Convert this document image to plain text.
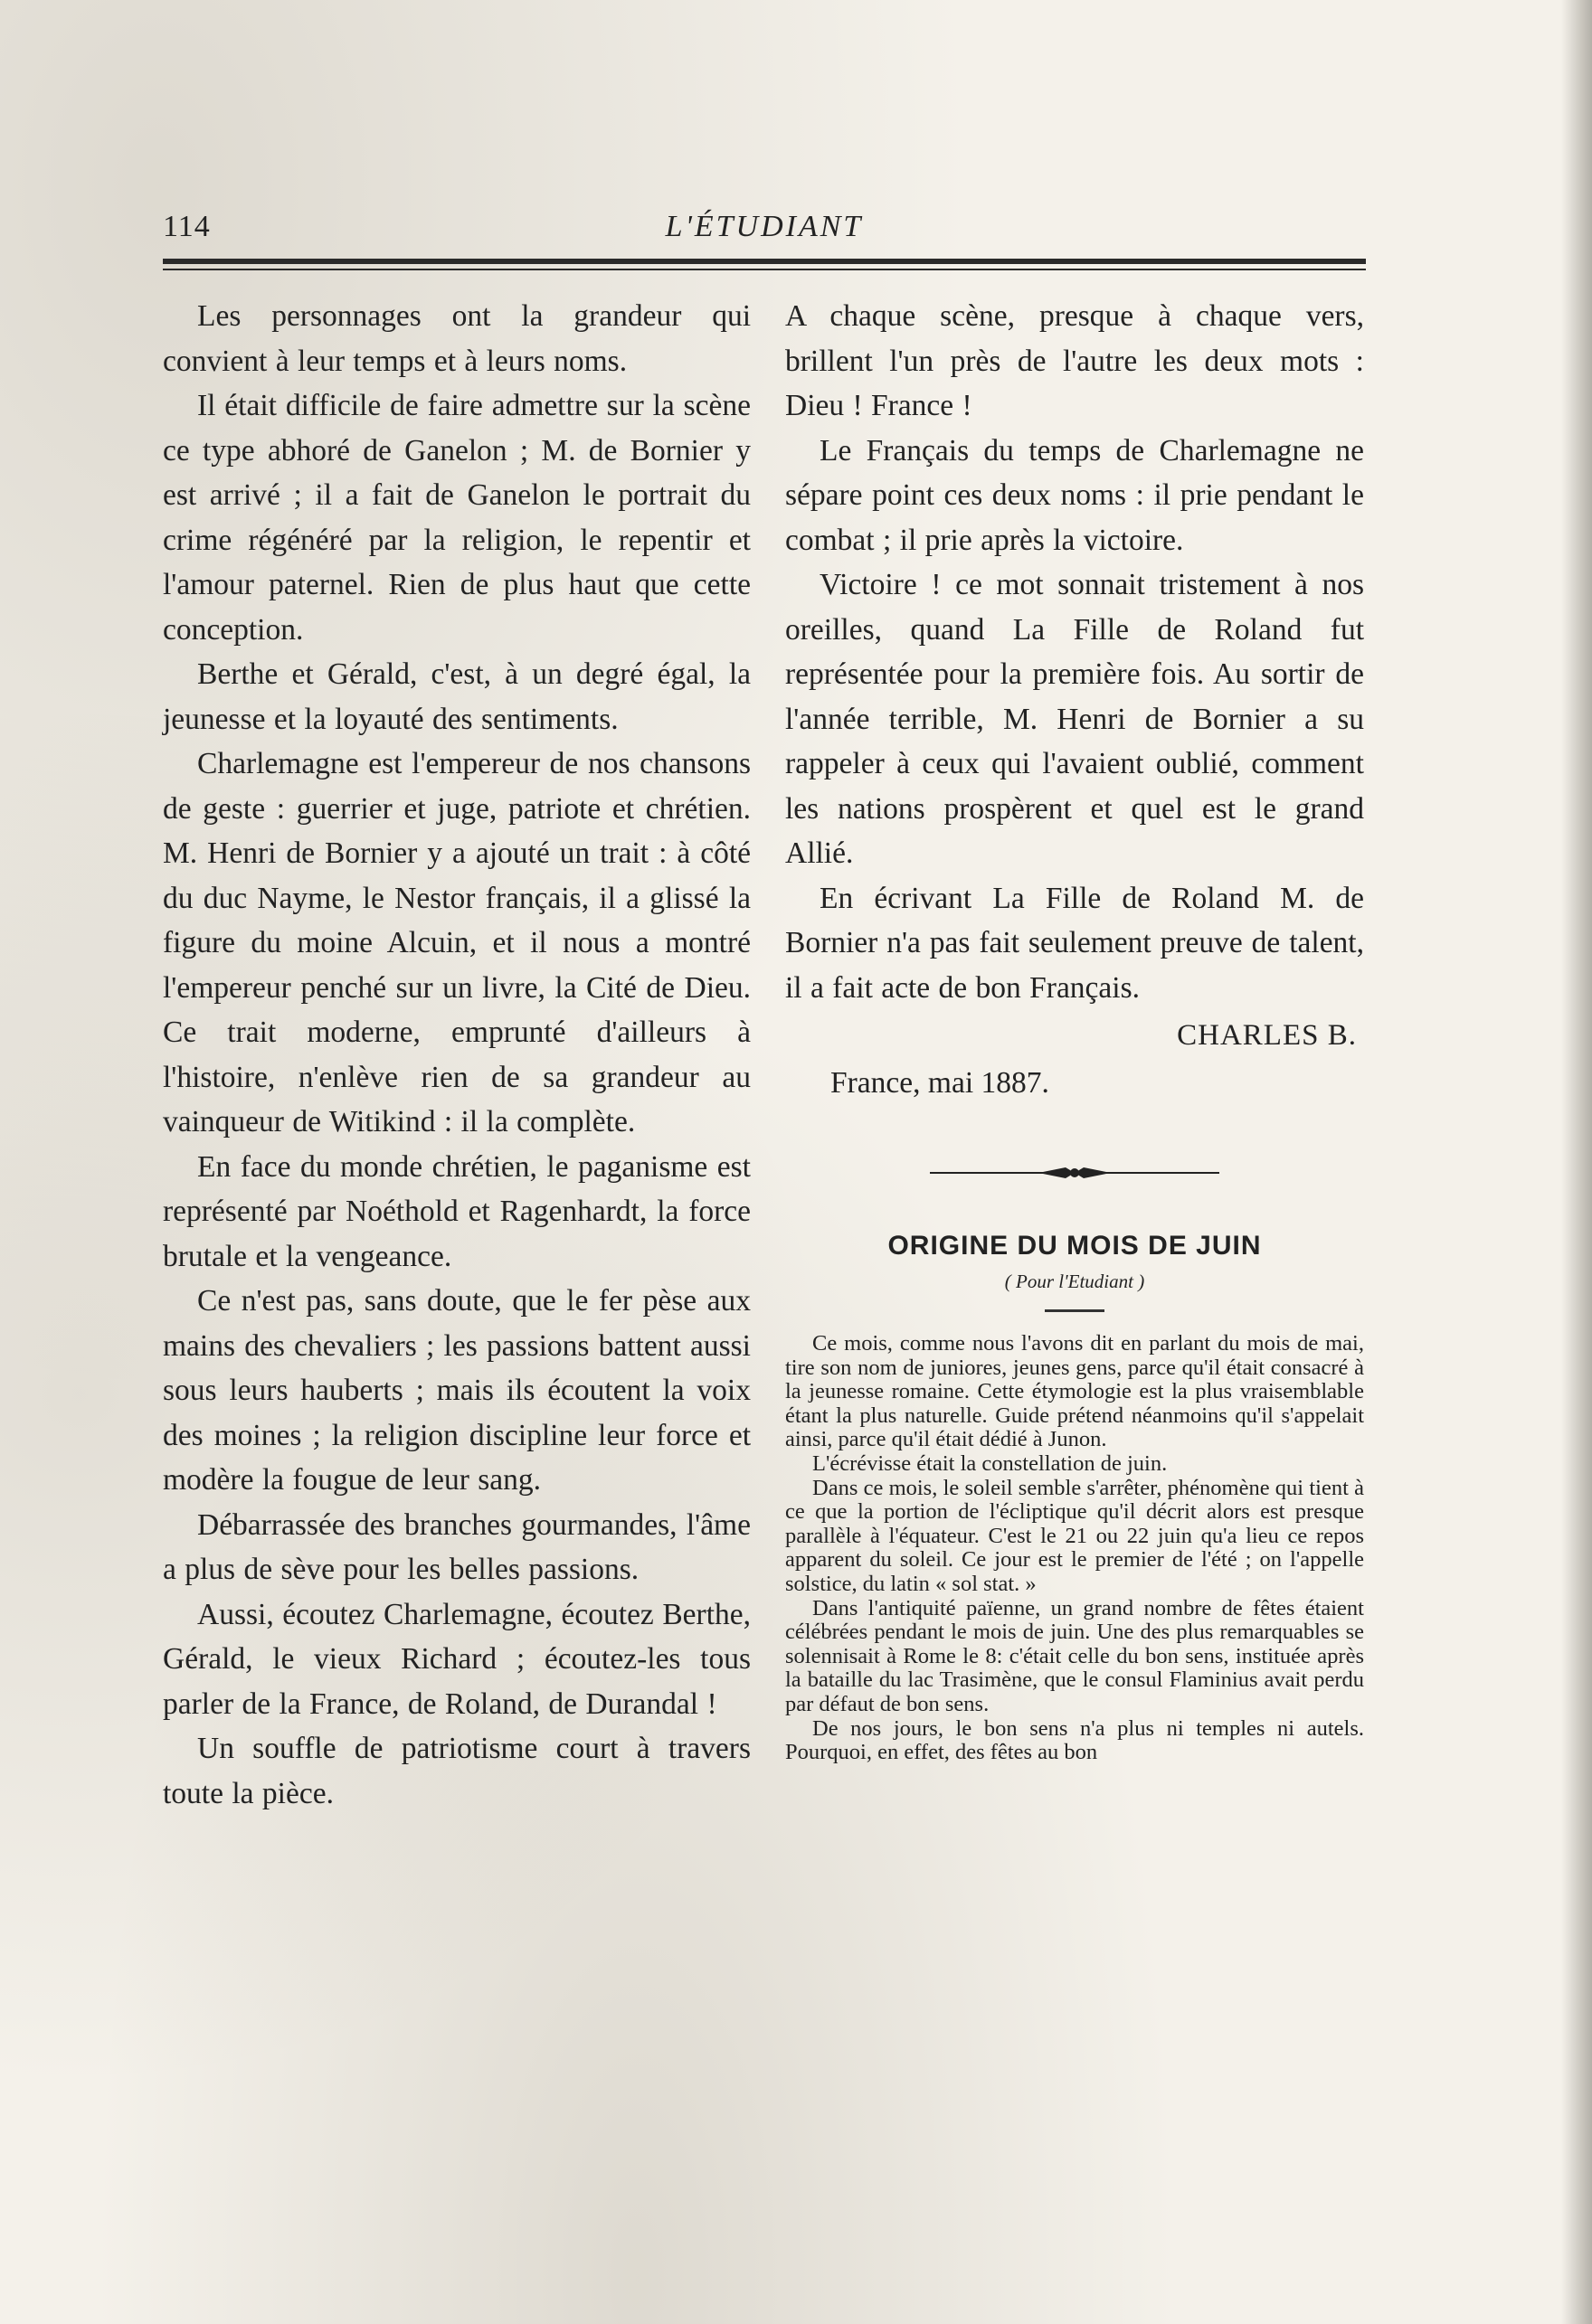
114	L'ÉTUDIANT

Les personnages ont la grandeur qui convient à leur temps et à leurs noms.

Il était difficile de faire admettre sur la scène ce type abhoré de Ganelon ; M. de Bornier y est arrivé ; il a fait de Ganelon le portrait du crime régénéré par la religion, le repentir et l'amour paternel. Rien de plus haut que cette conception.

Berthe et Gérald, c'est, à un degré égal, la jeunesse et la loyauté des sentiments.

Charlemagne est l'empereur de nos chansons de geste : guerrier et juge, patriote et chrétien. M. Henri de Bornier y a ajouté un trait : à côté du duc Nayme, le Nestor français, il a glissé la figure du moine Alcuin, et il nous a montré l'empereur penché sur un livre, la Cité de Dieu. Ce trait moderne, emprunté d'ailleurs à l'histoire, n'enlève rien de sa grandeur au vainqueur de Witikind : il la complète.

En face du monde chrétien, le paganisme est représenté par Noéthold et Ragenhardt, la force brutale et la vengeance.

Ce n'est pas, sans doute, que le fer pèse aux mains des chevaliers ; les passions battent aussi sous leurs hauberts ; mais ils écoutent la voix des moines ; la religion discipline leur force et modère la fougue de leur sang.

Débarrassée des branches gourmandes, l'âme a plus de sève pour les belles passions.

Aussi, écoutez Charlemagne, écoutez Berthe, Gérald, le vieux Richard ; écoutez-les tous parler de la France, de Roland, de Durandal !

Un souffle de patriotisme court à travers toute la pièce.

A chaque scène, presque à chaque vers, brillent l'un près de l'autre les deux mots : Dieu ! France !

Le Français du temps de Charlemagne ne sépare point ces deux noms : il prie pendant le combat ; il prie après la victoire.

Victoire ! ce mot sonnait tristement à nos oreilles, quand La Fille de Roland fut représentée pour la première fois. Au sortir de l'année terrible, M. Henri de Bornier a su rappeler à ceux qui l'avaient oublié, comment les nations prospèrent et quel est le grand Allié.

En écrivant La Fille de Roland M. de Bornier n'a pas fait seulement preuve de talent, il a fait acte de bon Français.

CHARLES B.

France, mai 1887.

ORIGINE DU MOIS DE JUIN

( Pour l'Etudiant )

Ce mois, comme nous l'avons dit en parlant du mois de mai, tire son nom de juniores, jeunes gens, parce qu'il était consacré à la jeunesse romaine. Cette étymologie est la plus vraisemblable étant la plus naturelle. Guide prétend néanmoins qu'il s'appelait ainsi, parce qu'il était dédié à Junon.

L'écrévisse était la constellation de juin.

Dans ce mois, le soleil semble s'arrêter, phénomène qui tient à ce que la portion de l'écliptique qu'il décrit alors est presque parallèle à l'équateur. C'est le 21 ou 22 juin qu'a lieu ce repos apparent du soleil. Ce jour est le premier de l'été ; on l'appelle solstice, du latin « sol stat. »

Dans l'antiquité païenne, un grand nombre de fêtes étaient célébrées pendant le mois de juin. Une des plus remarquables se solennisait à Rome le 8: c'était celle du bon sens, instituée après la bataille du lac Trasimène, que le consul Flaminius avait perdu par défaut de bon sens.

De nos jours, le bon sens n'a plus ni temples ni autels. Pourquoi, en effet, des fêtes au bon
